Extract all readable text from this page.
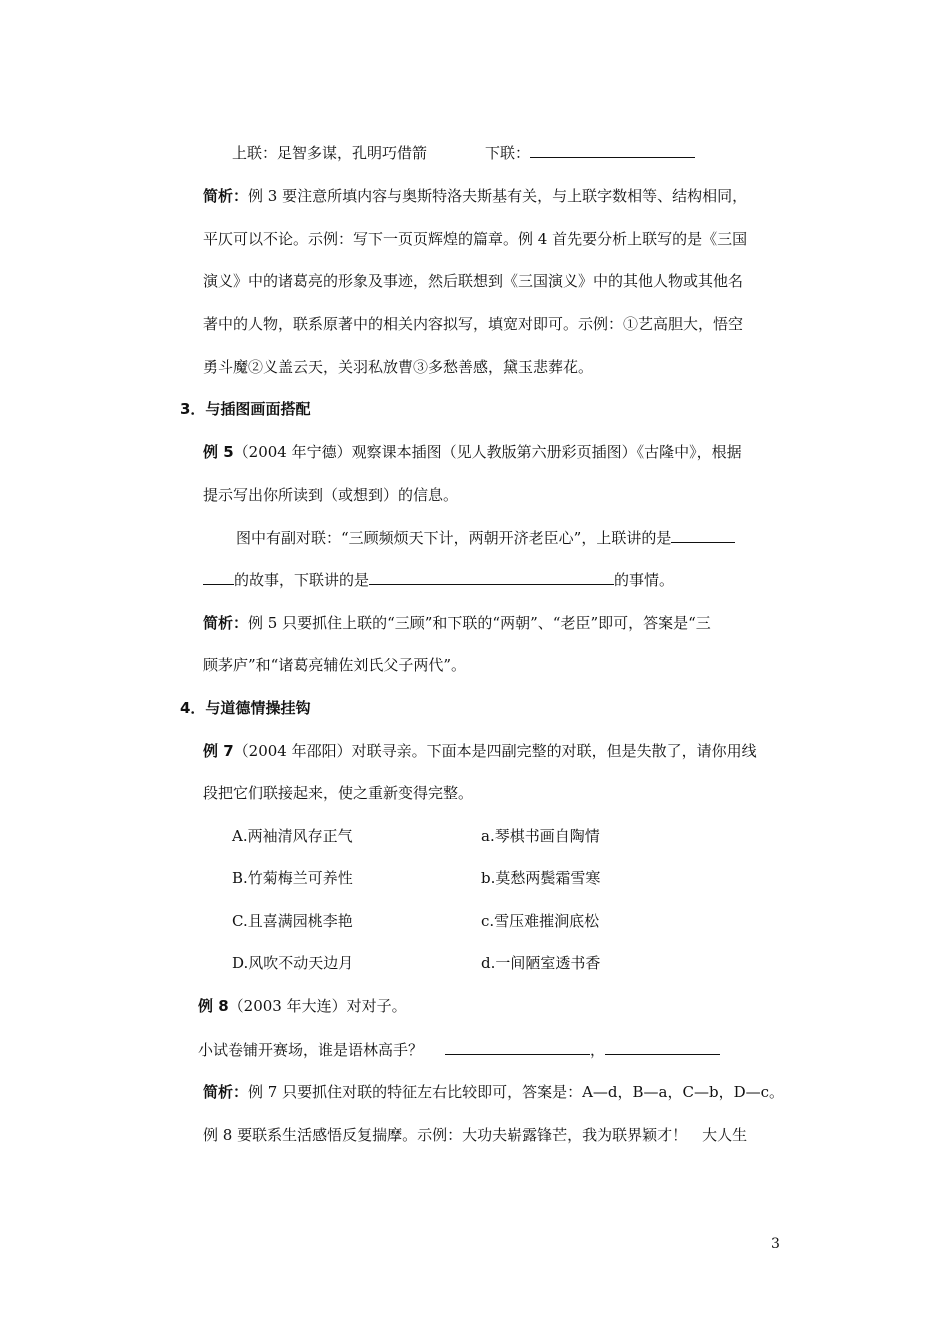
上联：足智多谋，孔明巧借箭	下联：
简析：例 3 要注意所填内容与奥斯特洛夫斯基有关，与上联字数相等、结构相同，
平仄可以不论。示例：写下一页页辉煌的篇章。例 4 首先要分析上联写的是《三国
演义》中的诸葛亮的形象及事迹，然后联想到《三国演义》中的其他人物或其他名
著中的人物，联系原著中的相关内容拟写，填宽对即可。示例：①艺高胆大，悟空
勇斗魔②义盖云天，关羽私放曹③多愁善感，黛玉悲葬花。
3．与插图画面搭配
例 5（2004 年宁德）观察课本插图（见人教版第六册彩页插图）《古隆中》，根据
提示写出你所读到（或想到）的信息。
图中有副对联：“三顾频烦天下计，两朝开济老臣心”，上联讲的是
的故事，下联讲的是	的事情。
简析：例 5 只要抓住上联的“三顾”和下联的“两朝”、“老臣”即可，答案是“三
顾茅庐”和“诸葛亮辅佐刘氏父子两代”。
4．与道德情操挂钩
例 7（2004 年邵阳）对联寻亲。下面本是四副完整的对联，但是失散了，请你用线
段把它们联接起来，使之重新变得完整。
A.两袖清风存正气	a.琴棋书画自陶情
B.竹菊梅兰可养性	b.莫愁两鬓霜雪寒
C.且喜满园桃李艳	c.雪压难摧涧底松
D.风吹不动天边月	d.一间陋室透书香
例 8（2003 年大连）对对子。
小试卷铺开赛场，谁是语林高手？	，
简析：例 7 只要抓住对联的特征左右比较即可，答案是：A—d，B—a，C—b，D—c。
例 8 要联系生活感悟反复揣摩。示例：大功夫崭露锋芒，我为联界颖才！　大人生
3
